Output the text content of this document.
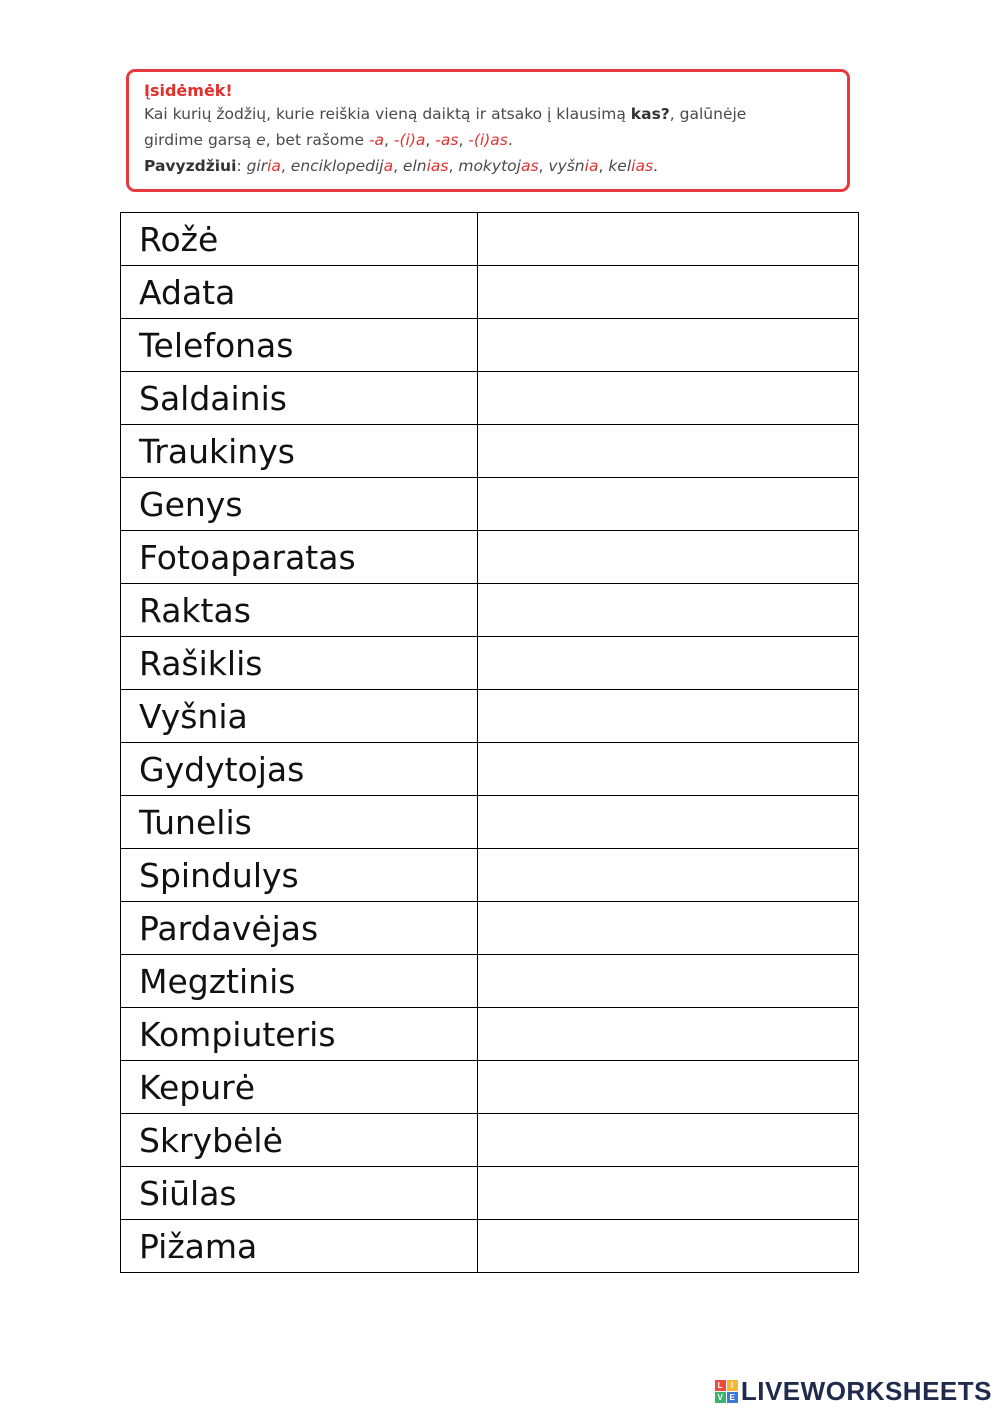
Įsidėmėk!

Kai kurių žodžių, kurie reiškia vieną daiktą ir atsako į klausimą kas?, galūnėje

girdime garsą e, bet rašome -a, -(i)a, -as, -(i)as.

Pavyzdžiui: giria, enciklopedija, elnias, mokytojas, vyšnia, kelias.

Rožė	
Adata	
Telefonas	
Saldainis	
Traukinys	
Genys	
Fotoaparatas	
Raktas	
Rašiklis	
Vyšnia	
Gydytojas	
Tunelis	
Spindulys	
Pardavėjas	
Megztinis	
Kompiuteris	
Kepurė	
Skrybėlė	
Siūlas	
Pižama	
L I
V E LIVEWORKSHEETS
